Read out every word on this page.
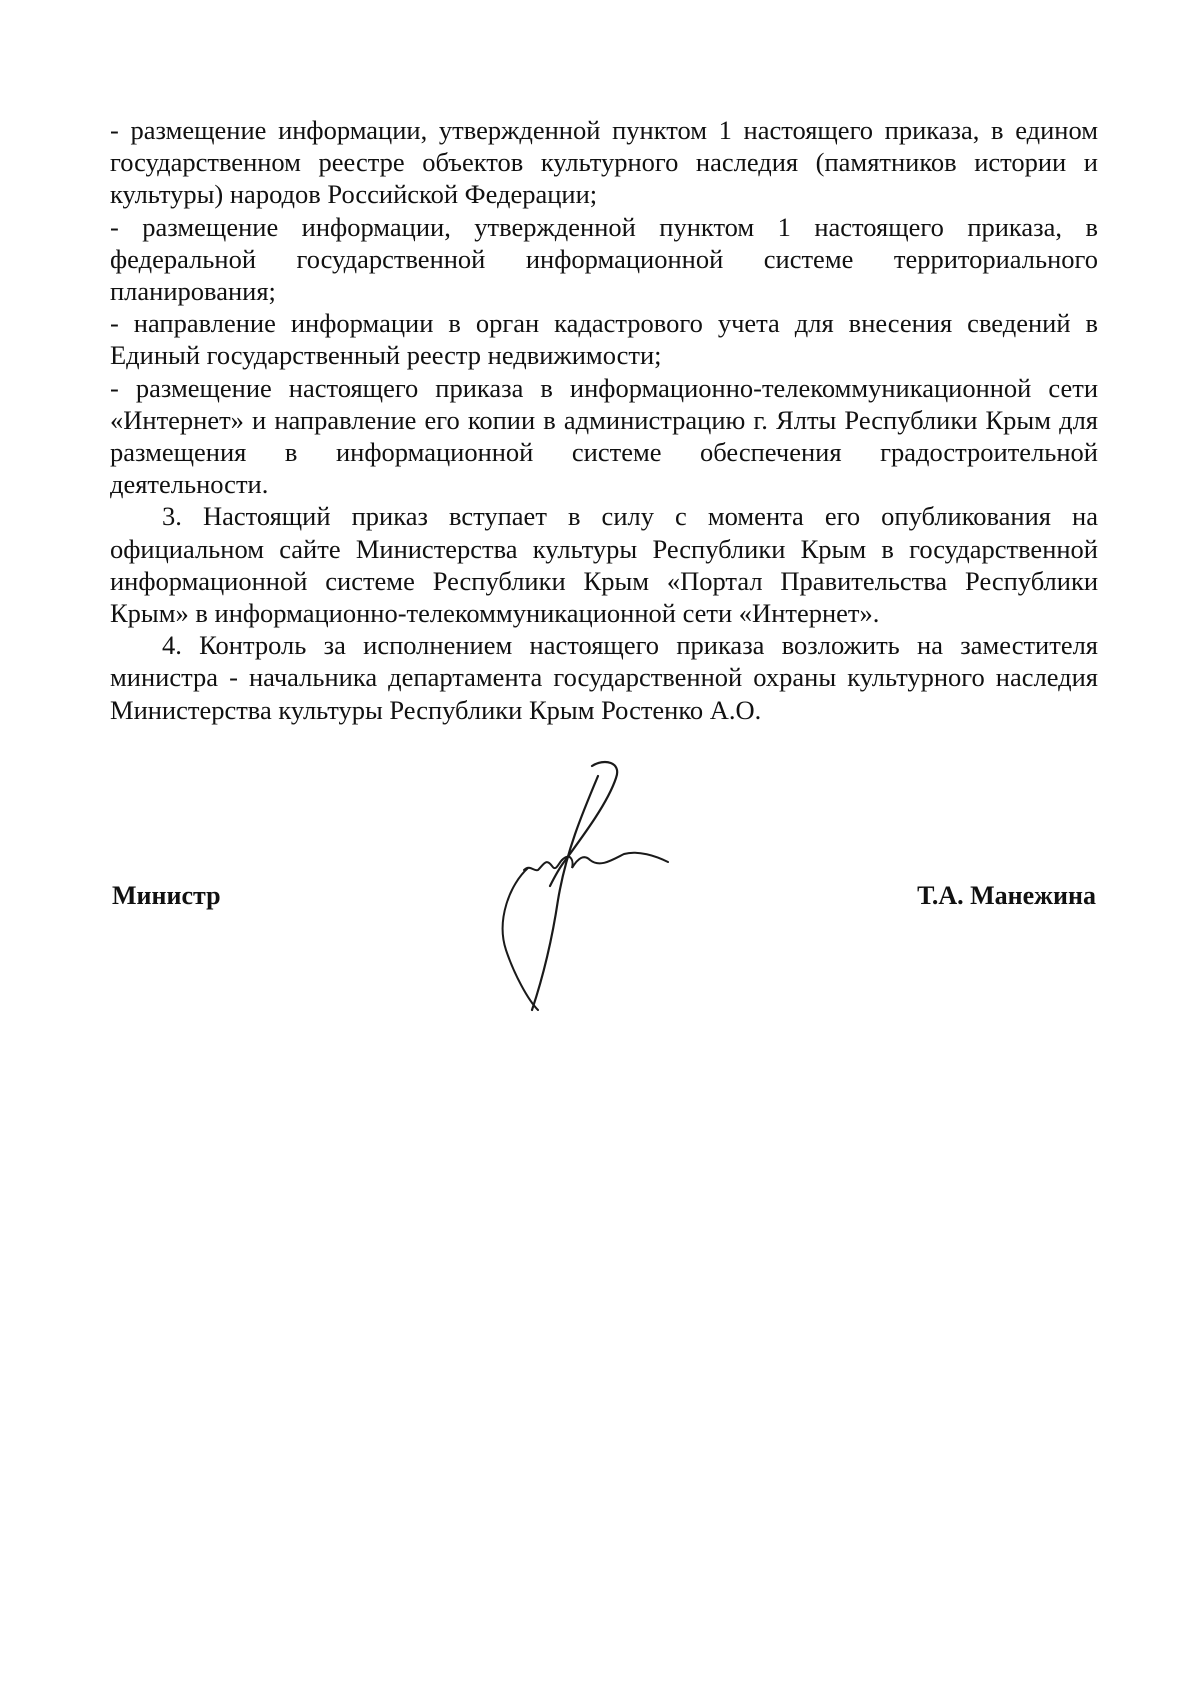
- размещение информации, утвержденной пунктом 1 настоящего приказа, в едином государственном реестре объектов культурного наследия (памятников истории и культуры) народов Российской Федерации;

- размещение информации, утвержденной пунктом 1 настоящего приказа, в федеральной государственной информационной системе территориального планирования;

- направление информации в орган кадастрового учета для внесения сведений в Единый государственный реестр недвижимости;

- размещение настоящего приказа в информационно-телекоммуникационной сети «Интернет» и направление его копии в администрацию г. Ялты Республики Крым для размещения в информационной системе обеспечения градостроительной деятельности.

3. Настоящий приказ вступает в силу с момента его опубликования на официальном сайте Министерства культуры Республики Крым в государственной информационной системе Республики Крым «Портал Правительства Республики Крым» в информационно-телекоммуникационной сети «Интернет».

4. Контроль за исполнением настоящего приказа возложить на заместителя министра - начальника департамента государственной охраны культурного наследия Министерства культуры Республики Крым Ростенко А.О.

Министр	Т.А. Манежина
